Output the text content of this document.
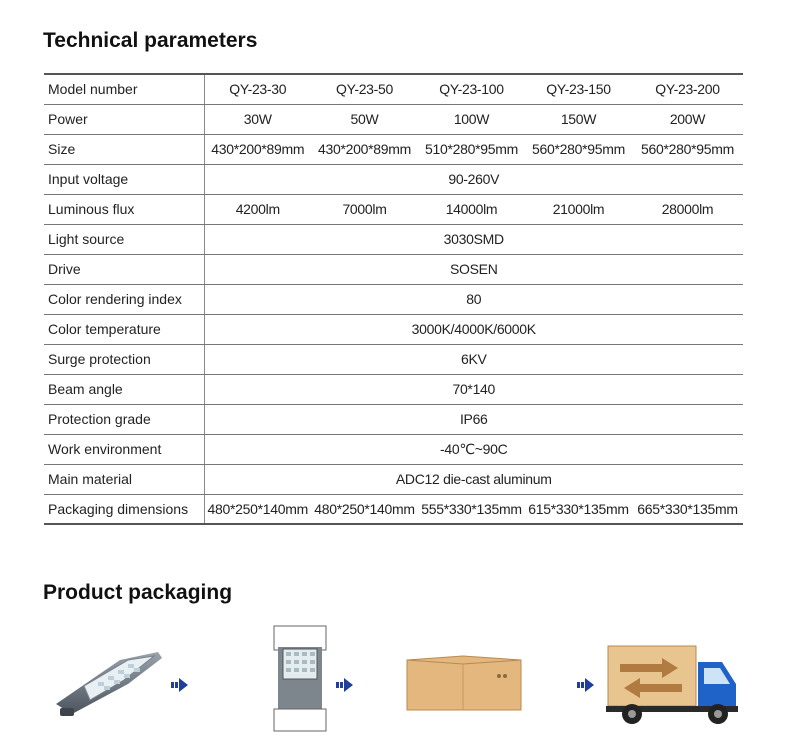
Technical parameters
Model number	QY-23-30	QY-23-50	QY-23-100	QY-23-150	QY-23-200
Power	30W	50W	100W	150W	200W
Size	430*200*89mm	430*200*89mm	510*280*95mm	560*280*95mm	560*280*95mm
Input voltage	90-260V				
Luminous flux	4200lm	7000lm	14000lm	21000lm	28000lm
Light source	3030SMD				
Drive	SOSEN				
Color rendering index	80				
Color temperature	3000K/4000K/6000K				
Surge protection	6KV				
Beam angle	70*140				
Protection grade	IP66				
Work environment	-40℃~90C				
Main material	ADC12 die-cast aluminum				
Packaging dimensions	480*250*140mm	480*250*140mm	555*330*135mm	615*330*135mm	665*330*135mm
Product packaging
